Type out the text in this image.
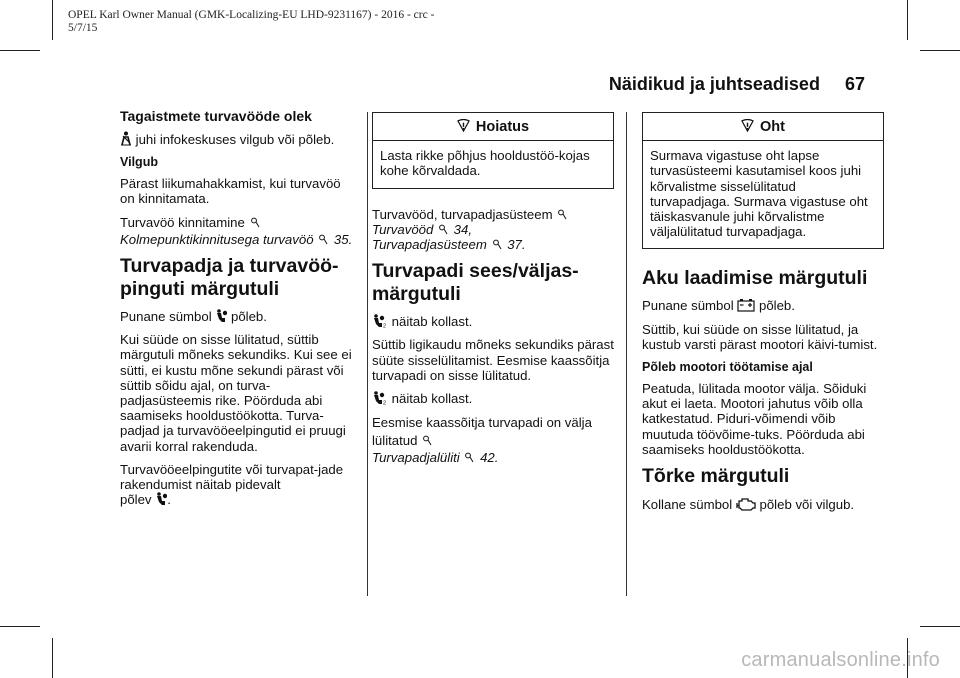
OPEL Karl Owner Manual (GMK-Localizing-EU LHD-9231167) - 2016 - crc -
5/7/15
Näidikud ja juhtseadised 67
Tagaistmete turvavööde olek

juhi infokeskuses vilgub või põleb.

Vilgub

Pärast liikumahakkamist, kui turvavöö on kinnitamata.

Turvavöö kinnitamine

Kolmepunktikinnitusega turvavöö 35.

Turvapadja ja turvavöö-pinguti märgutuli

Punane sümbol põleb.

Kui süüde on sisse lülitatud, süttib märgutuli mõneks sekundiks. Kui see ei sütti, ei kustu mõne sekundi pärast või süttib sõidu ajal, on turva-padjasüsteemis rike. Pöörduda abi saamiseks hooldustöökotta. Turva-padjad ja turvavööeelpingutid ei pruugi avarii korral rakenduda.

Turvavööeelpingutite või turvapat-jade rakendumist näitab pidevalt
põlev .

Hoiatus
Lasta rikke põhjus hooldustöö-kojas kohe kõrvaldada.

Turvavööd, turvapadjasüsteem

Turvavööd 34,

Turvapadjasüsteem 37.

Turvapadi sees/väljas-märgutuli

2 näitab kollast.

Süttib ligikaudu mõneks sekundiks pärast süüte sisselülitamist. Eesmise kaassõitja turvapadi on sisse lülitatud.

2 näitab kollast.

Eesmise kaassõitja turvapadi on välja lülitatud

Turvapadjalüliti 42.

Oht
Surmava vigastuse oht lapse turvasüsteemi kasutamisel koos juhi kõrvalistme sisselülitatud turvapadjaga. Surmava vigastuse oht täiskasvanule juhi kõrvalistme väljalülitatud turvapadjaga.
Aku laadimise märgutuli

Punane sümbol põleb.

Süttib, kui süüde on sisse lülitatud, ja kustub varsti pärast mootori käivi-tumist.

Põleb mootori töötamise ajal

Peatuda, lülitada mootor välja. Sõiduki akut ei laeta. Mootori jahutus võib olla katkestatud. Piduri-võimendi võib muutuda töövõime-tuks. Pöörduda abi saamiseks hooldustöökotta.

Tõrke märgutuli

Kollane sümbol põleb või vilgub.

carmanualsonline.info
